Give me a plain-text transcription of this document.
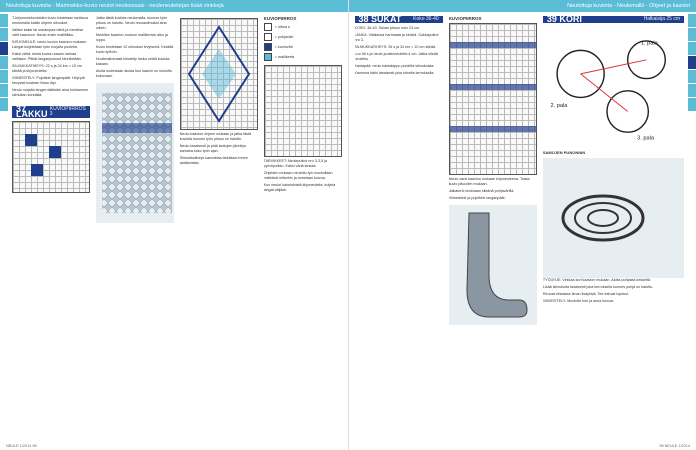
Neulottuja kuvioita - Marimekko-kuvio neulot neuleessasi - neuleneulekirjan lisää vinkkejä

T-kirjoneulekuvioiden kuvio toistetaan tarkkuus neulomalla kaikki ohjeen silmukat.

Valitse kaksi tai useampaa väriä ja merkitse värit kaavioon. Neulo ensin mallitilkku.

KIRJONEULE: neulo kuvion kaavion mukaan. Langat kuljetetaan työn nurjalla puolella.

Kaksi väriä: toista kuvion kaavio lankaa vaihtaen. Pitkät langanjuoksut kiinnitetään.

SILMUKKATIHEYS: 22 s ja 24 krs = 10 cm sileää ja kirjoneuletta.

VIIMEISTELY: Pujottele langanpäät. Höyrytä kevyesti kostean liinan läpi.

Neulo nurjalla langat ristikkäin aina kolmannen silmukan kohdalla.

37 LAKKU KUVIOPIIRROS 3

Jatka tästä kuviota neulomalla, kunnes työn pituus on haluttu. Neulo reunasilmukat aina oikein.

Merkitse kaavion ruutuun mallikerran alku ja loppu.

Kuvio toistetaan 12 silmukan levyisenä. Keskitä kuvio työhön.

Huolimattomasti kiristetty lanka vetää kuviota kasaan.

Aloita uudestaan alusta kun kaavio on neulottu kokonaan.

Neulo kaavion ohjeen mukaan ja jatka tästä kuviolla kunnes työn pituus on haluttu.

Neulo tasaisesti ja pidä lankojen jännitys samana koko työn ajan.

Silmukkatiheys kannattaa tarkistaa ennen aloittamista.

KUVIOPIIRROS
= oikea s
= pohjaväri
= kuvioväri
= mallikerta

TARVIKKEET: Neulepuikot nro 3-3,5 ja pyöröpuikko. Kaksi väriä lankaa.

Ohjeiden mukaan neulottu työ muotoillaan märkänä mittoihin ja annetaan kuivua.

Kun neulot kaksiväristä kirjoneuletta, kuljeta langat väljästi.

NEULE 1/2014 98
Neulottuja kuvioita - Neulemallit - Ohjeet ja kaaviot
38 SUKAT Koko 36-40

KOKO: 36-40. Sukan pituus noin 23 cm.

LANKA: Villalanka harmaata ja sinistä. Sukkapuikot nro 3.

SILMUKKATIHEYS: 26 s ja 34 krs = 10 cm sileää.

Luo 56 s ja neulo joustinneuletta 4 cm. Jatka sileää neuletta.

Kantapää: neulo kantalappu puolella silmukoista.

Kavenna kärki tasaisesti joka toisella kerroksella.

KUVIOPIIRROS

Neulo varsi kaavion mukaan kirjoneuleena. Toista kuvio pituuden mukaan.

Jalkaterä neulotaan sileänä pohjavärillä.

Viimeistele ja pujottele langanpäät.

39 KORI	Halkaisija 25 cm
1. pala
2. pala
3. pala
SAMOJEN PUNONNIN

TYÖOHJE: Virkkaa kori kaavion mukaan. Aloita pohjasta keskeltä.

Lisää silmukoita tasaisesti joka kerroksella kunnes pohja on haluttu.

Reunat virkataan ilman lisäyksiä. Tee kahvat lopuksi.

VIIMEISTELY: Muotoile kori ja anna kuivua.

98 NEULE 1/2014
